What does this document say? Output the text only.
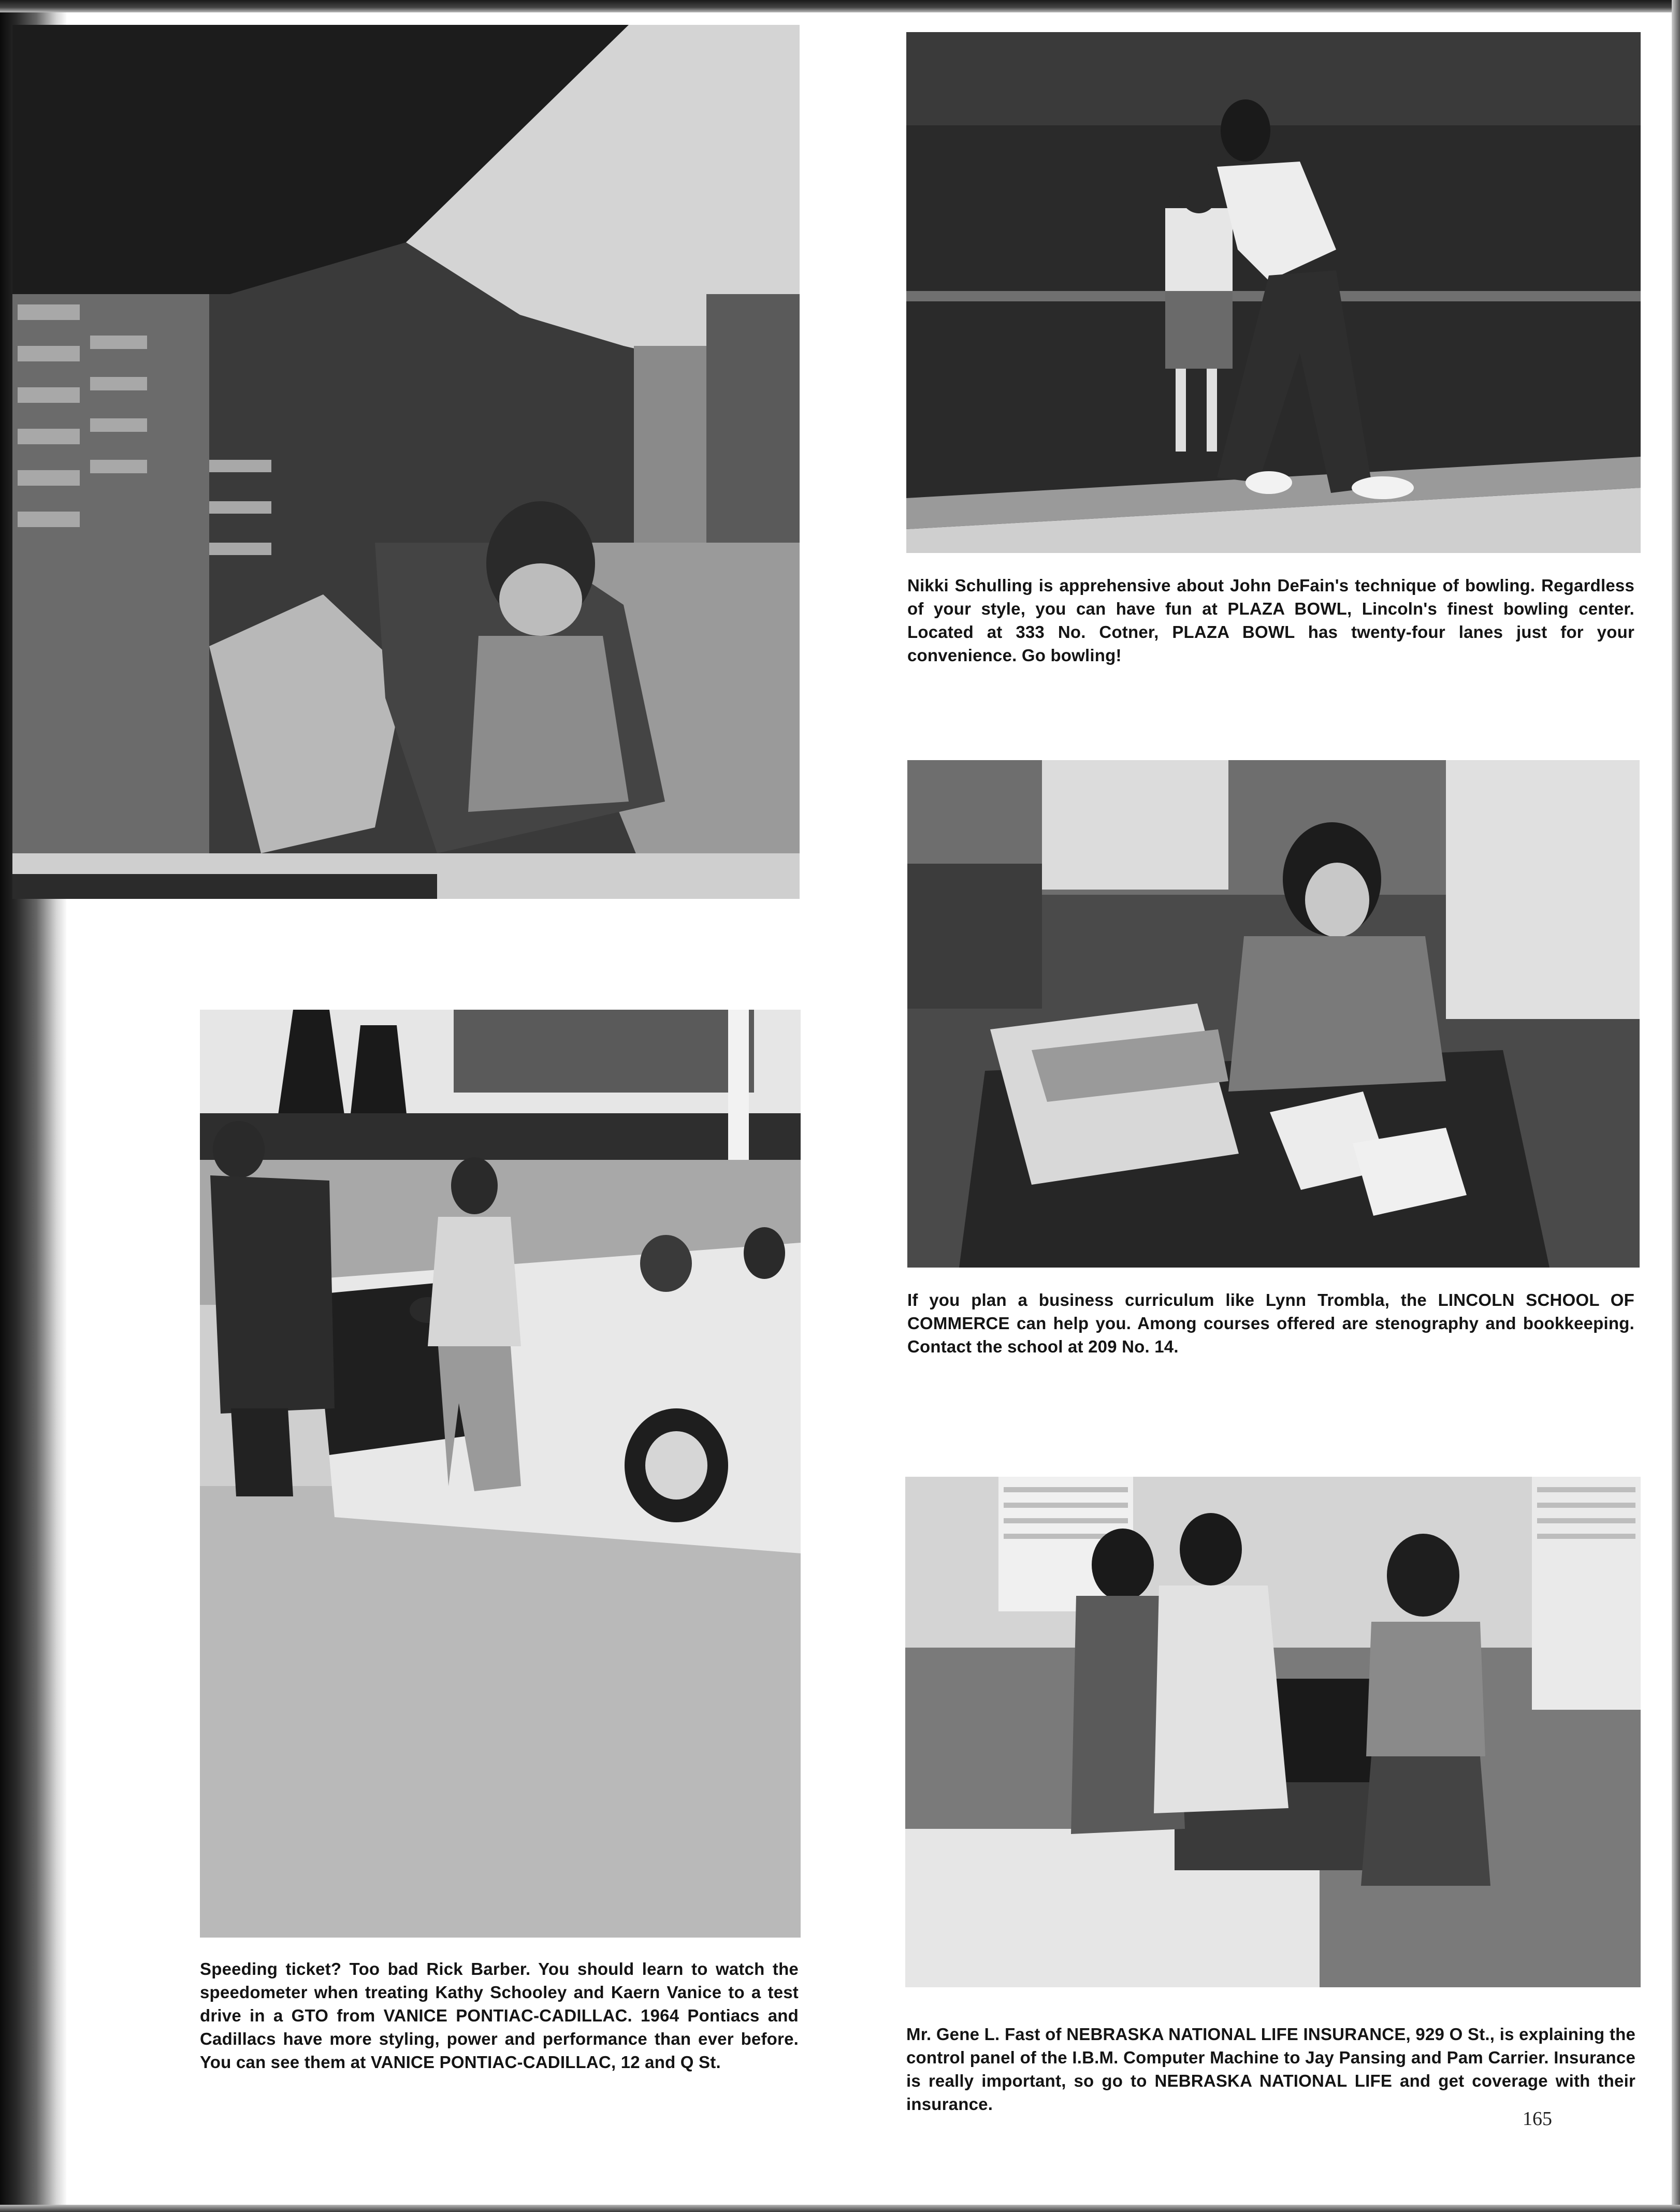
Nikki Schulling is apprehensive about John DeFain's technique of bowling. Regardless of your style, you can have fun at PLAZA BOWL, Lincoln's finest bowling center. Located at 333 No. Cotner, PLAZA BOWL has twenty-four lanes just for your convenience. Go bowling!
If you plan a business curriculum like Lynn Trombla, the LINCOLN SCHOOL OF COMMERCE can help you. Among courses offered are stenography and bookkeeping. Contact the school at 209 No. 14.
Speeding ticket? Too bad Rick Barber. You should learn to watch the speedometer when treating Kathy Schooley and Kaern Vanice to a test drive in a GTO from VANICE PONTIAC-CADILLAC. 1964 Pontiacs and Cadillacs have more styling, power and performance than ever before. You can see them at VANICE PONTIAC-CADILLAC, 12 and Q St.
Mr. Gene L. Fast of NEBRASKA NATIONAL LIFE INSURANCE, 929 O St., is explaining the control panel of the I.B.M. Computer Machine to Jay Pansing and Pam Carrier. Insurance is really important, so go to NEBRASKA NATIONAL LIFE and get coverage with their insurance.
165
